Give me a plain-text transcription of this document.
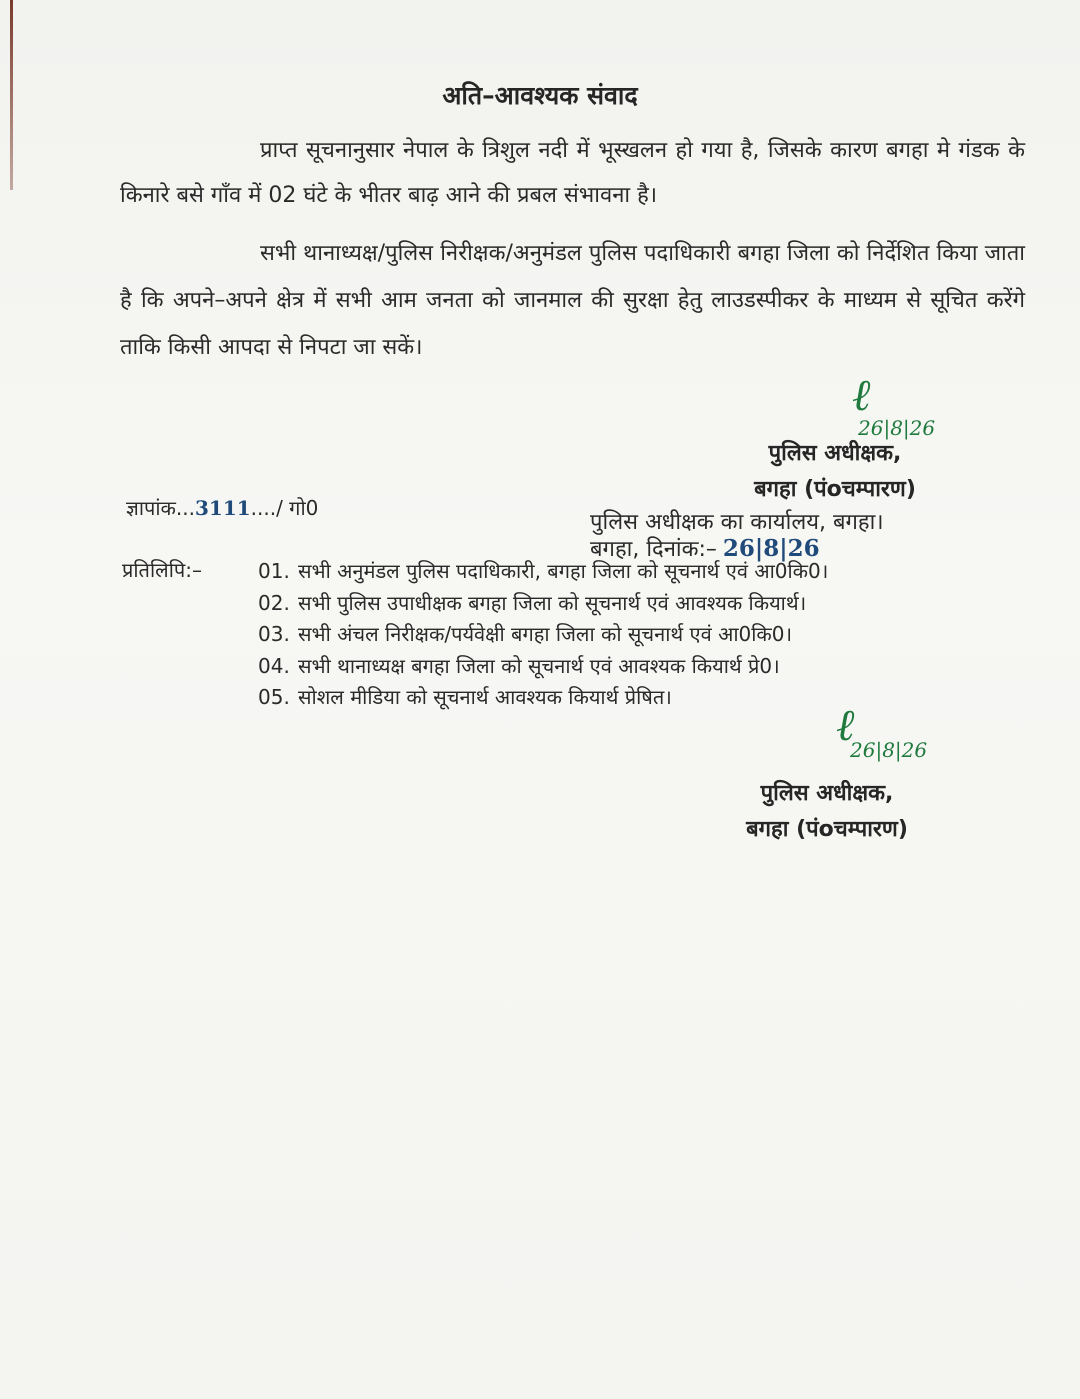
अति–आवश्यक संवाद
प्राप्त सूचनानुसार नेपाल के त्रिशुल नदी में भूस्खलन हो गया है, जिसके कारण बगहा मे गंडक के किनारे बसे गाँव में 02 घंटे के भीतर बाढ़ आने की प्रबल संभावना है।
सभी थानाध्यक्ष/पुलिस निरीक्षक/अनुमंडल पुलिस पदाधिकारी बगहा जिला को निर्देशित किया जाता है कि अपने–अपने क्षेत्र में सभी आम जनता को जानमाल की सुरक्षा हेतु लाउडस्पीकर के माध्यम से सूचित करेंगे ताकि किसी आपदा से निपटा जा सकें।
ℓ
26|8|26
पुलिस अधीक्षक,
बगहा (पंoचम्पारण)
ज्ञापांक...3111..../ गो0
पुलिस अधीक्षक का कार्यालय, बगहा।
बगहा, दिनांक:– 26|8|26
प्रतिलिपि:–	01. सभी अनुमंडल पुलिस पदाधिकारी, बगहा जिला को सूचनार्थ एवं आ0कि0।
02. सभी पुलिस उपाधीक्षक बगहा जिला को सूचनार्थ एवं आवश्यक कियार्थ।
03. सभी अंचल निरीक्षक/पर्यवेक्षी बगहा जिला को सूचनार्थ एवं आ0कि0।
04. सभी थानाध्यक्ष बगहा जिला को सूचनार्थ एवं आवश्यक कियार्थ प्रे0।
05. सोशल मीडिया को सूचनार्थ आवश्यक कियार्थ प्रेषित।
ℓ
26|8|26
पुलिस अधीक्षक,
बगहा (पंoचम्पारण)
